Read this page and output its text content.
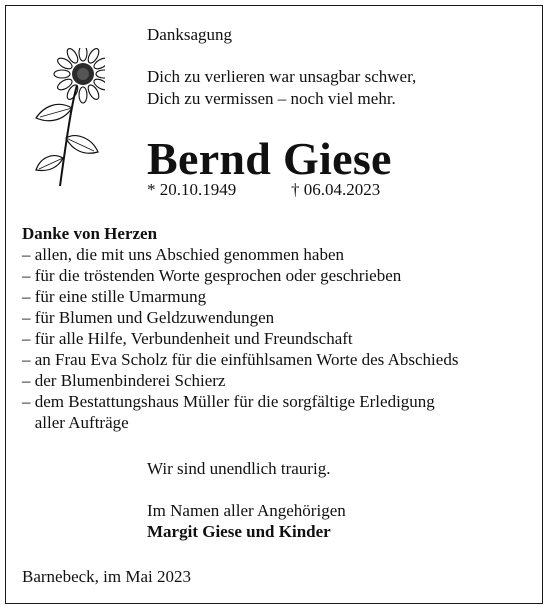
Danksagung
Dich zu verlieren war unsagbar schwer,
Dich zu vermissen – noch viel mehr.
Bernd Giese
* 20.10.1949	† 06.04.2023
Danke von Herzen
– allen, die mit uns Abschied genommen haben
– für die tröstenden Worte gesprochen oder geschrieben
– für eine stille Umarmung
– für Blumen und Geldzuwendungen
– für alle Hilfe, Verbundenheit und Freundschaft
– an Frau Eva Scholz für die einfühlsamen Worte des Abschieds
– der Blumenbinderei Schierz
– dem Bestattungshaus Müller für die sorgfältige Erledigung
aller Aufträge
Wir sind unendlich traurig.
Im Namen aller Angehörigen
Margit Giese und Kinder
Barnebeck, im Mai 2023
